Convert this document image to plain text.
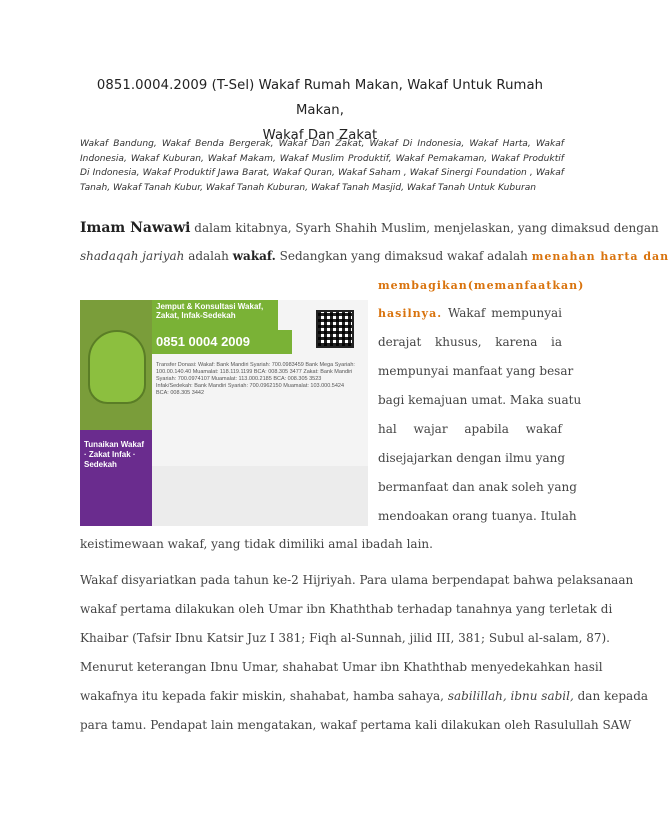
0851.0004.2009 (T-Sel) Wakaf Rumah Makan, Wakaf Untuk Rumah Makan,
Wakaf Dan Zakat
Wakaf Bandung, Wakaf Benda Bergerak, Wakaf Dan Zakat, Wakaf Di Indonesia, Wakaf Harta, Wakaf Indonesia, Wakaf Kuburan, Wakaf Makam, Wakaf Muslim Produktif, Wakaf Pemakaman, Wakaf Produktif Di Indonesia, Wakaf Produktif Jawa Barat, Wakaf Quran, Wakaf Saham , Wakaf Sinergi Foundation , Wakaf Tanah, Wakaf Tanah Kubur, Wakaf Tanah Kuburan, Wakaf Tanah Masjid, Wakaf Tanah Untuk Kuburan
Imam Nawawi dalam kitabnya, Syarh Shahih Muslim, menjelaskan, yang dimaksud dengan
shadaqah jariyah adalah wakaf. Sedangkan yang dimaksud wakaf adalah menahan harta dan
Tunaikan Wakaf · Zakat Infak · Sedekah
Jemput & Konsultasi Wakaf, Zakat, Infak-Sedekah
0851 0004 2009
Transfer Donasi: Wakaf: Bank Mandiri Syariah: 700.0983459 Bank Mega Syariah: 100.00.140.40 Muamalat: 118.119.1199 BCA: 008.305 3477 Zakat: Bank Mandiri Syariah: 700.0974107 Muamalat: 113.000.2185 BCA: 008.305 3523 Infak/Sedekah: Bank Mandiri Syariah: 700.0962150 Muamalat: 103.000.5424 BCA: 008.305 3442
membagikan(memanfaatkan)
hasilnya. Wakaf mempunyai
derajat khusus, karena ia
mempunyai manfaat yang besar
bagi kemajuan umat. Maka suatu
hal wajar apabila wakaf
disejajarkan dengan ilmu yang
bermanfaat dan anak soleh yang
mendoakan orang tuanya. Itulah
keistimewaan wakaf, yang tidak dimiliki amal ibadah lain.
Wakaf disyariatkan pada tahun ke-2 Hijriyah. Para ulama berpendapat bahwa pelaksanaan
wakaf pertama dilakukan oleh Umar ibn Khaththab terhadap tanahnya yang terletak di
Khaibar (Tafsir Ibnu Katsir Juz I 381; Fiqh al-Sunnah, jilid III, 381; Subul al-salam, 87).
Menurut keterangan Ibnu Umar, shahabat Umar ibn Khaththab menyedekahkan hasil
wakafnya itu kepada fakir miskin, shahabat, hamba sahaya, sabilillah, ibnu sabil, dan kepada
para tamu. Pendapat lain mengatakan, wakaf pertama kali dilakukan oleh Rasulullah SAW
